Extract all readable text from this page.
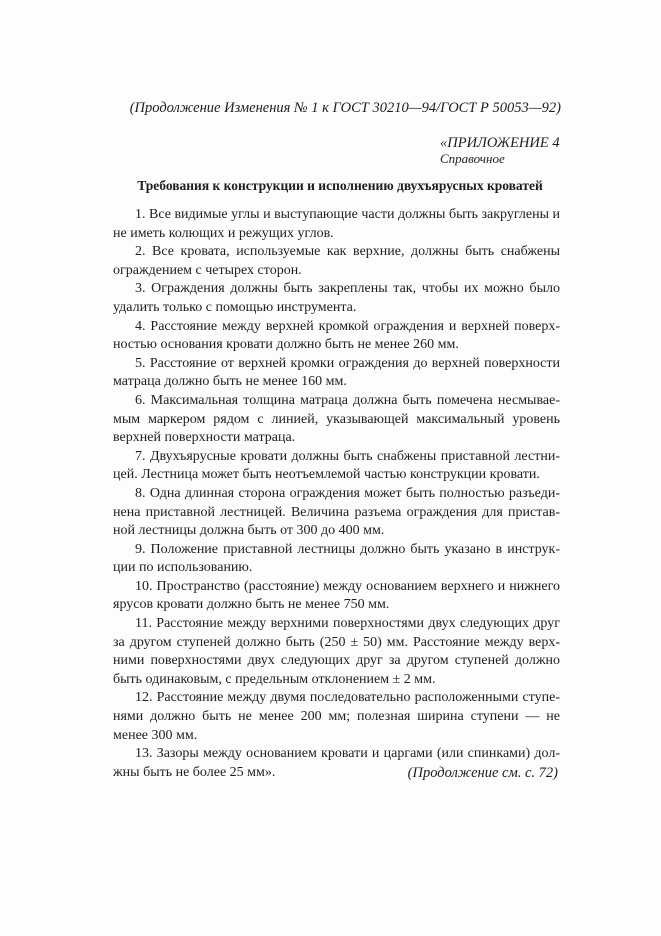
(Продолжение Изменения № 1 к ГОСТ 30210—94/ГОСТ Р 50053—92)

«ПРИЛОЖЕНИЕ 4

Справочное

Требования к конструкции и исполнению двухъярусных кроватей

1. Все видимые углы и выступающие части должны быть закруглены и не иметь колющих и режущих углов.

2. Все кровата, используемые как верхние, должны быть снабжены ограждением с четырех сторон.

3. Ограждения должны быть закреплены так, чтобы их можно было удалить только с помощью инструмента.

4. Расстояние между верхней кромкой ограждения и верхней поверхностью основания кровати должно быть не менее 260 мм.

5. Расстояние от верхней кромки ограждения до верхней поверхности матраца должно быть не менее 160 мм.

6. Максимальная толщина матраца должна быть помечена несмываемым маркером рядом с линией, указывающей максимальный уровень верхней поверхности матраца.

7. Двухъярусные кровати должны быть снабжены приставной лестницей. Лестница может быть неотъемлемой частью конструкции кровати.

8. Одна длинная сторона ограждения может быть полностью разъединена приставной лестницей. Величина разъема ограждения для приставной лестницы должна быть от 300 до 400 мм.

9. Положение приставной лестницы должно быть указано в инструкции по использованию.

10. Пространство (расстояние) между основанием верхнего и нижнего ярусов кровати должно быть не менее 750 мм.

11. Расстояние между верхними поверхностями двух следующих друг за другом ступеней должно быть (250 ± 50) мм. Расстояние между верхними поверхностями двух следующих друг за другом ступеней должно быть одинаковым, с предельным отклонением ± 2 мм.

12. Расстояние между двумя последовательно расположенными ступенями должно быть не менее 200 мм; полезная ширина ступени — не менее 300 мм.

13. Зазоры между основанием кровати и царгами (или спинками) должны быть не более 25 мм».	(Продолжение см. с. 72)
